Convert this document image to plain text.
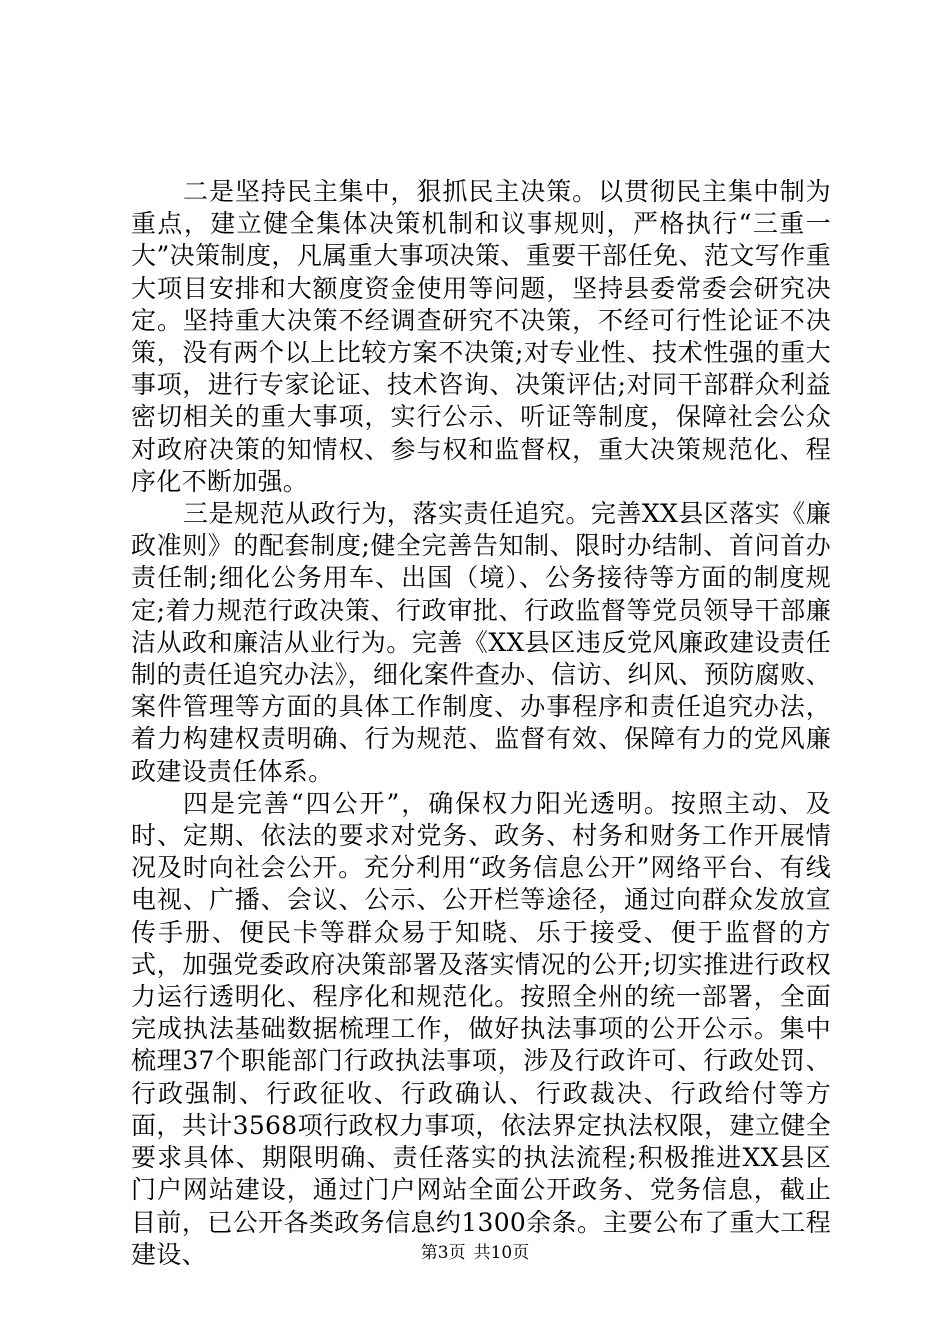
二是坚持民主集中，狠抓民主决策。以贯彻民主集中制为重点，建立健全集体决策机制和议事规则，严格执行“三重一大”决策制度，凡属重大事项决策、重要干部任免、范文写作重大项目安排和大额度资金使用等问题，坚持县委常委会研究决定。坚持重大决策不经调查研究不决策，不经可行性论证不决策，没有两个以上比较方案不决策;对专业性、技术性强的重大事项，进行专家论证、技术咨询、决策评估;对同干部群众利益密切相关的重大事项，实行公示、听证等制度，保障社会公众对政府决策的知情权、参与权和监督权，重大决策规范化、程序化不断加强。

三是规范从政行为，落实责任追究。完善XX县区落实《廉政准则》的配套制度;健全完善告知制、限时办结制、首问首办责任制;细化公务用车、出国（境）、公务接待等方面的制度规定;着力规范行政决策、行政审批、行政监督等党员领导干部廉洁从政和廉洁从业行为。完善《XX县区违反党风廉政建设责任制的责任追究办法》，细化案件查办、信访、纠风、预防腐败、案件管理等方面的具体工作制度、办事程序和责任追究办法，着力构建权责明确、行为规范、监督有效、保障有力的党风廉政建设责任体系。

四是完善“四公开”，确保权力阳光透明。按照主动、及时、定期、依法的要求对党务、政务、村务和财务工作开展情况及时向社会公开。充分利用“政务信息公开”网络平台、有线电视、广播、会议、公示、公开栏等途径，通过向群众发放宣传手册、便民卡等群众易于知晓、乐于接受、便于监督的方式，加强党委政府决策部署及落实情况的公开;切实推进行政权力运行透明化、程序化和规范化。按照全州的统一部署，全面完成执法基础数据梳理工作，做好执法事项的公开公示。集中梳理37个职能部门行政执法事项，涉及行政许可、行政处罚、行政强制、行政征收、行政确认、行政裁决、行政给付等方面，共计3568项行政权力事项，依法界定执法权限，建立健全要求具体、期限明确、责任落实的执法流程;积极推进XX县区门户网站建设，通过门户网站全面公开政务、党务信息，截止目前，已公开各类政务信息约1300余条。主要公布了重大工程建设、	第3页 共10页
